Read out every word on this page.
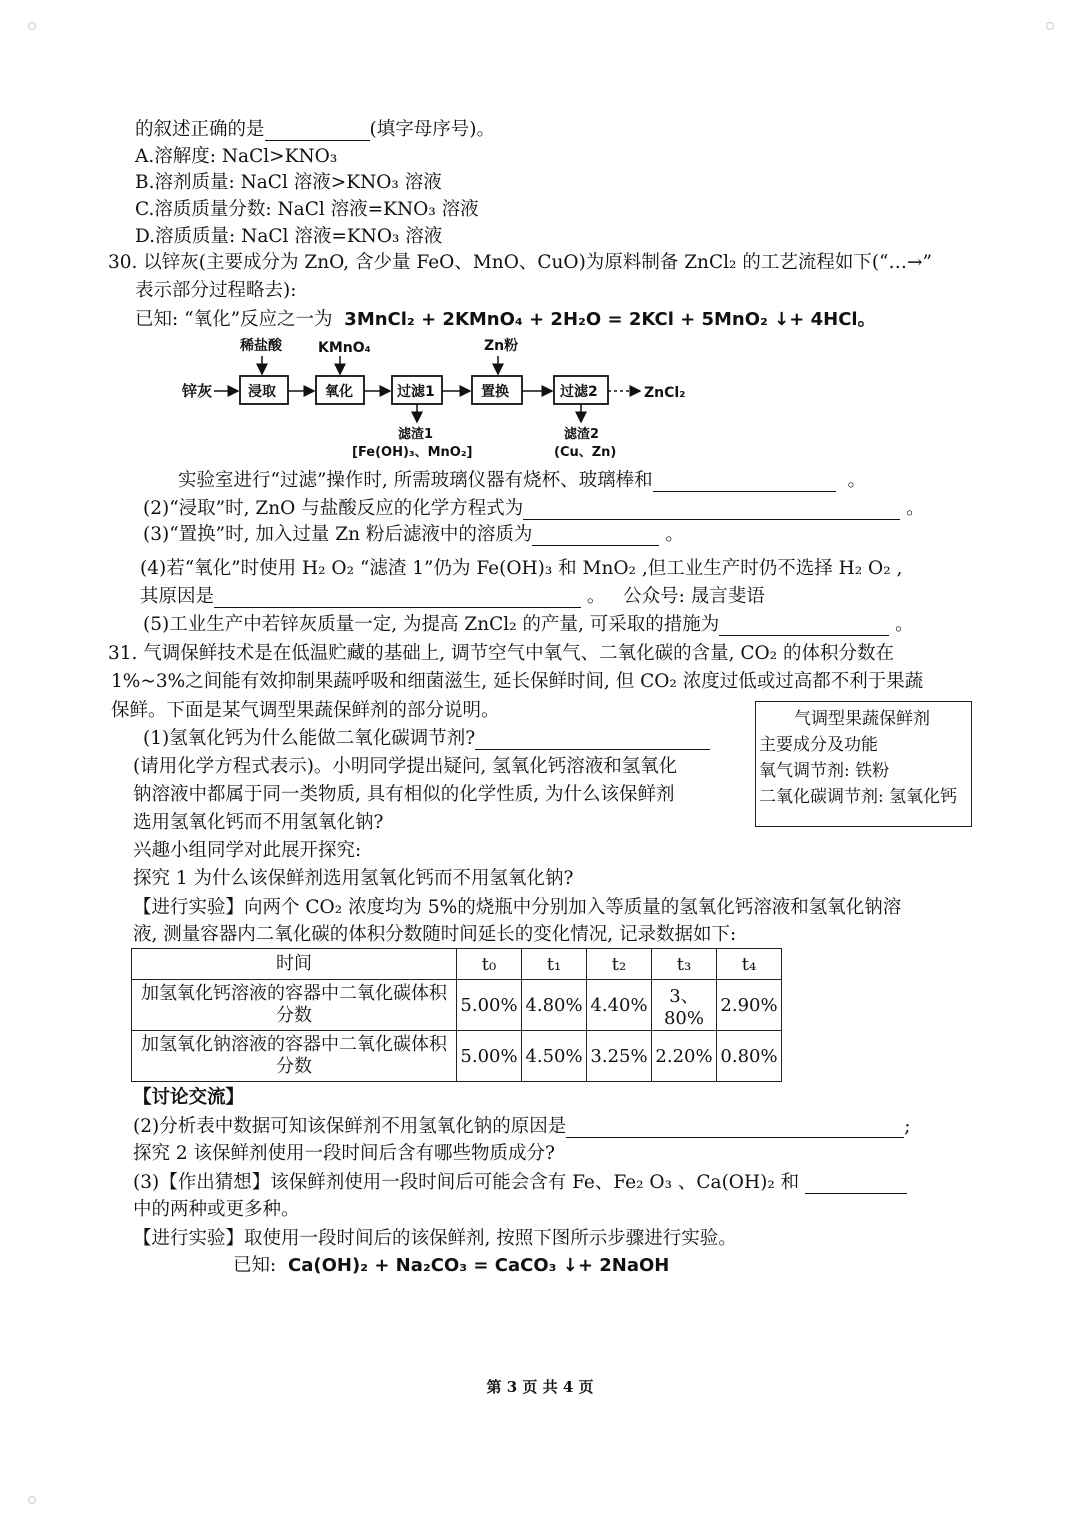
的叙述正确的是	(填字母序号)。
A.溶解度: NaCl>KNO₃
B.溶剂质量: NaCl 溶液>KNO₃ 溶液
C.溶质质量分数: NaCl 溶液=KNO₃ 溶液
D.溶质质量: NaCl 溶液=KNO₃ 溶液
30. 以锌灰(主要成分为 ZnO, 含少量 FeO、MnO、CuO)为原料制备 ZnCl₂ 的工艺流程如下(“…→”
表示部分过程略去):
已知: “氧化”反应之一为 3MnCl₂ + 2KMnO₄ + 2H₂O = 2KCl + 5MnO₂ ↓+ 4HCl。
稀盐酸	KMnO₄	Zn粉
锌灰	浸取	氧化	过滤1	置换	过滤2	ZnCl₂
滤渣1
[Fe(OH)₃、MnO₂]
滤渣2
(Cu、Zn)
实验室进行“过滤”操作时, 所需玻璃仪器有烧杯、玻璃棒和	。
(2)“浸取”时, ZnO 与盐酸反应的化学方程式为	。
(3)“置换”时, 加入过量 Zn 粉后滤液中的溶质为	。
(4)若“氧化”时使用 H₂ O₂ “滤渣 1”仍为 Fe(OH)₃ 和 MnO₂ ,但工业生产时仍不选择 H₂ O₂ ,
其原因是	。 公众号: 晟言斐语
(5)工业生产中若锌灰质量一定, 为提高 ZnCl₂ 的产量, 可采取的措施为	。
31. 气调保鲜技术是在低温贮藏的基础上, 调节空气中氧气、二氧化碳的含量, CO₂ 的体积分数在
1%~3%之间能有效抑制果蔬呼吸和细菌滋生, 延长保鲜时间, 但 CO₂ 浓度过低或过高都不利于果蔬
保鲜。下面是某气调型果蔬保鲜剂的部分说明。	气调型果蔬保鲜剂
主要成分及功能
氧气调节剂: 铁粉
二氧化碳调节剂: 氢氧化钙
(1)氢氧化钙为什么能做二氧化碳调节剂?
(请用化学方程式表示)。小明同学提出疑问, 氢氧化钙溶液和氢氧化
钠溶液中都属于同一类物质, 具有相似的化学性质, 为什么该保鲜剂
选用氢氧化钙而不用氢氧化钠?
兴趣小组同学对此展开探究:
探究 1 为什么该保鲜剂选用氢氧化钙而不用氢氧化钠?
【进行实验】向两个 CO₂ 浓度均为 5%的烧瓶中分别加入等质量的氢氧化钙溶液和氢氧化钠溶
液, 测量容器内二氧化碳的体积分数随时间延长的变化情况, 记录数据如下:
时间	t₀	t₁	t₂	t₃	t₄
加氢氧化钙溶液的容器中二氧化碳体积分数	5.00%	4.80%	4.40%	3、80%	2.90%
加氢氧化钠溶液的容器中二氧化碳体积分数	5.00%	4.50%	3.25%	2.20%	0.80%
【讨论交流】
(2)分析表中数据可知该保鲜剂不用氢氧化钠的原因是	;
探究 2 该保鲜剂使用一段时间后含有哪些物质成分?
(3)【作出猜想】该保鲜剂使用一段时间后可能会含有 Fe、Fe₂ O₃ 、Ca(OH)₂ 和
中的两种或更多种。
【进行实验】取使用一段时间后的该保鲜剂, 按照下图所示步骤进行实验。
已知: Ca(OH)₂ + Na₂CO₃ = CaCO₃ ↓+ 2NaOH
第 3 页 共 4 页
